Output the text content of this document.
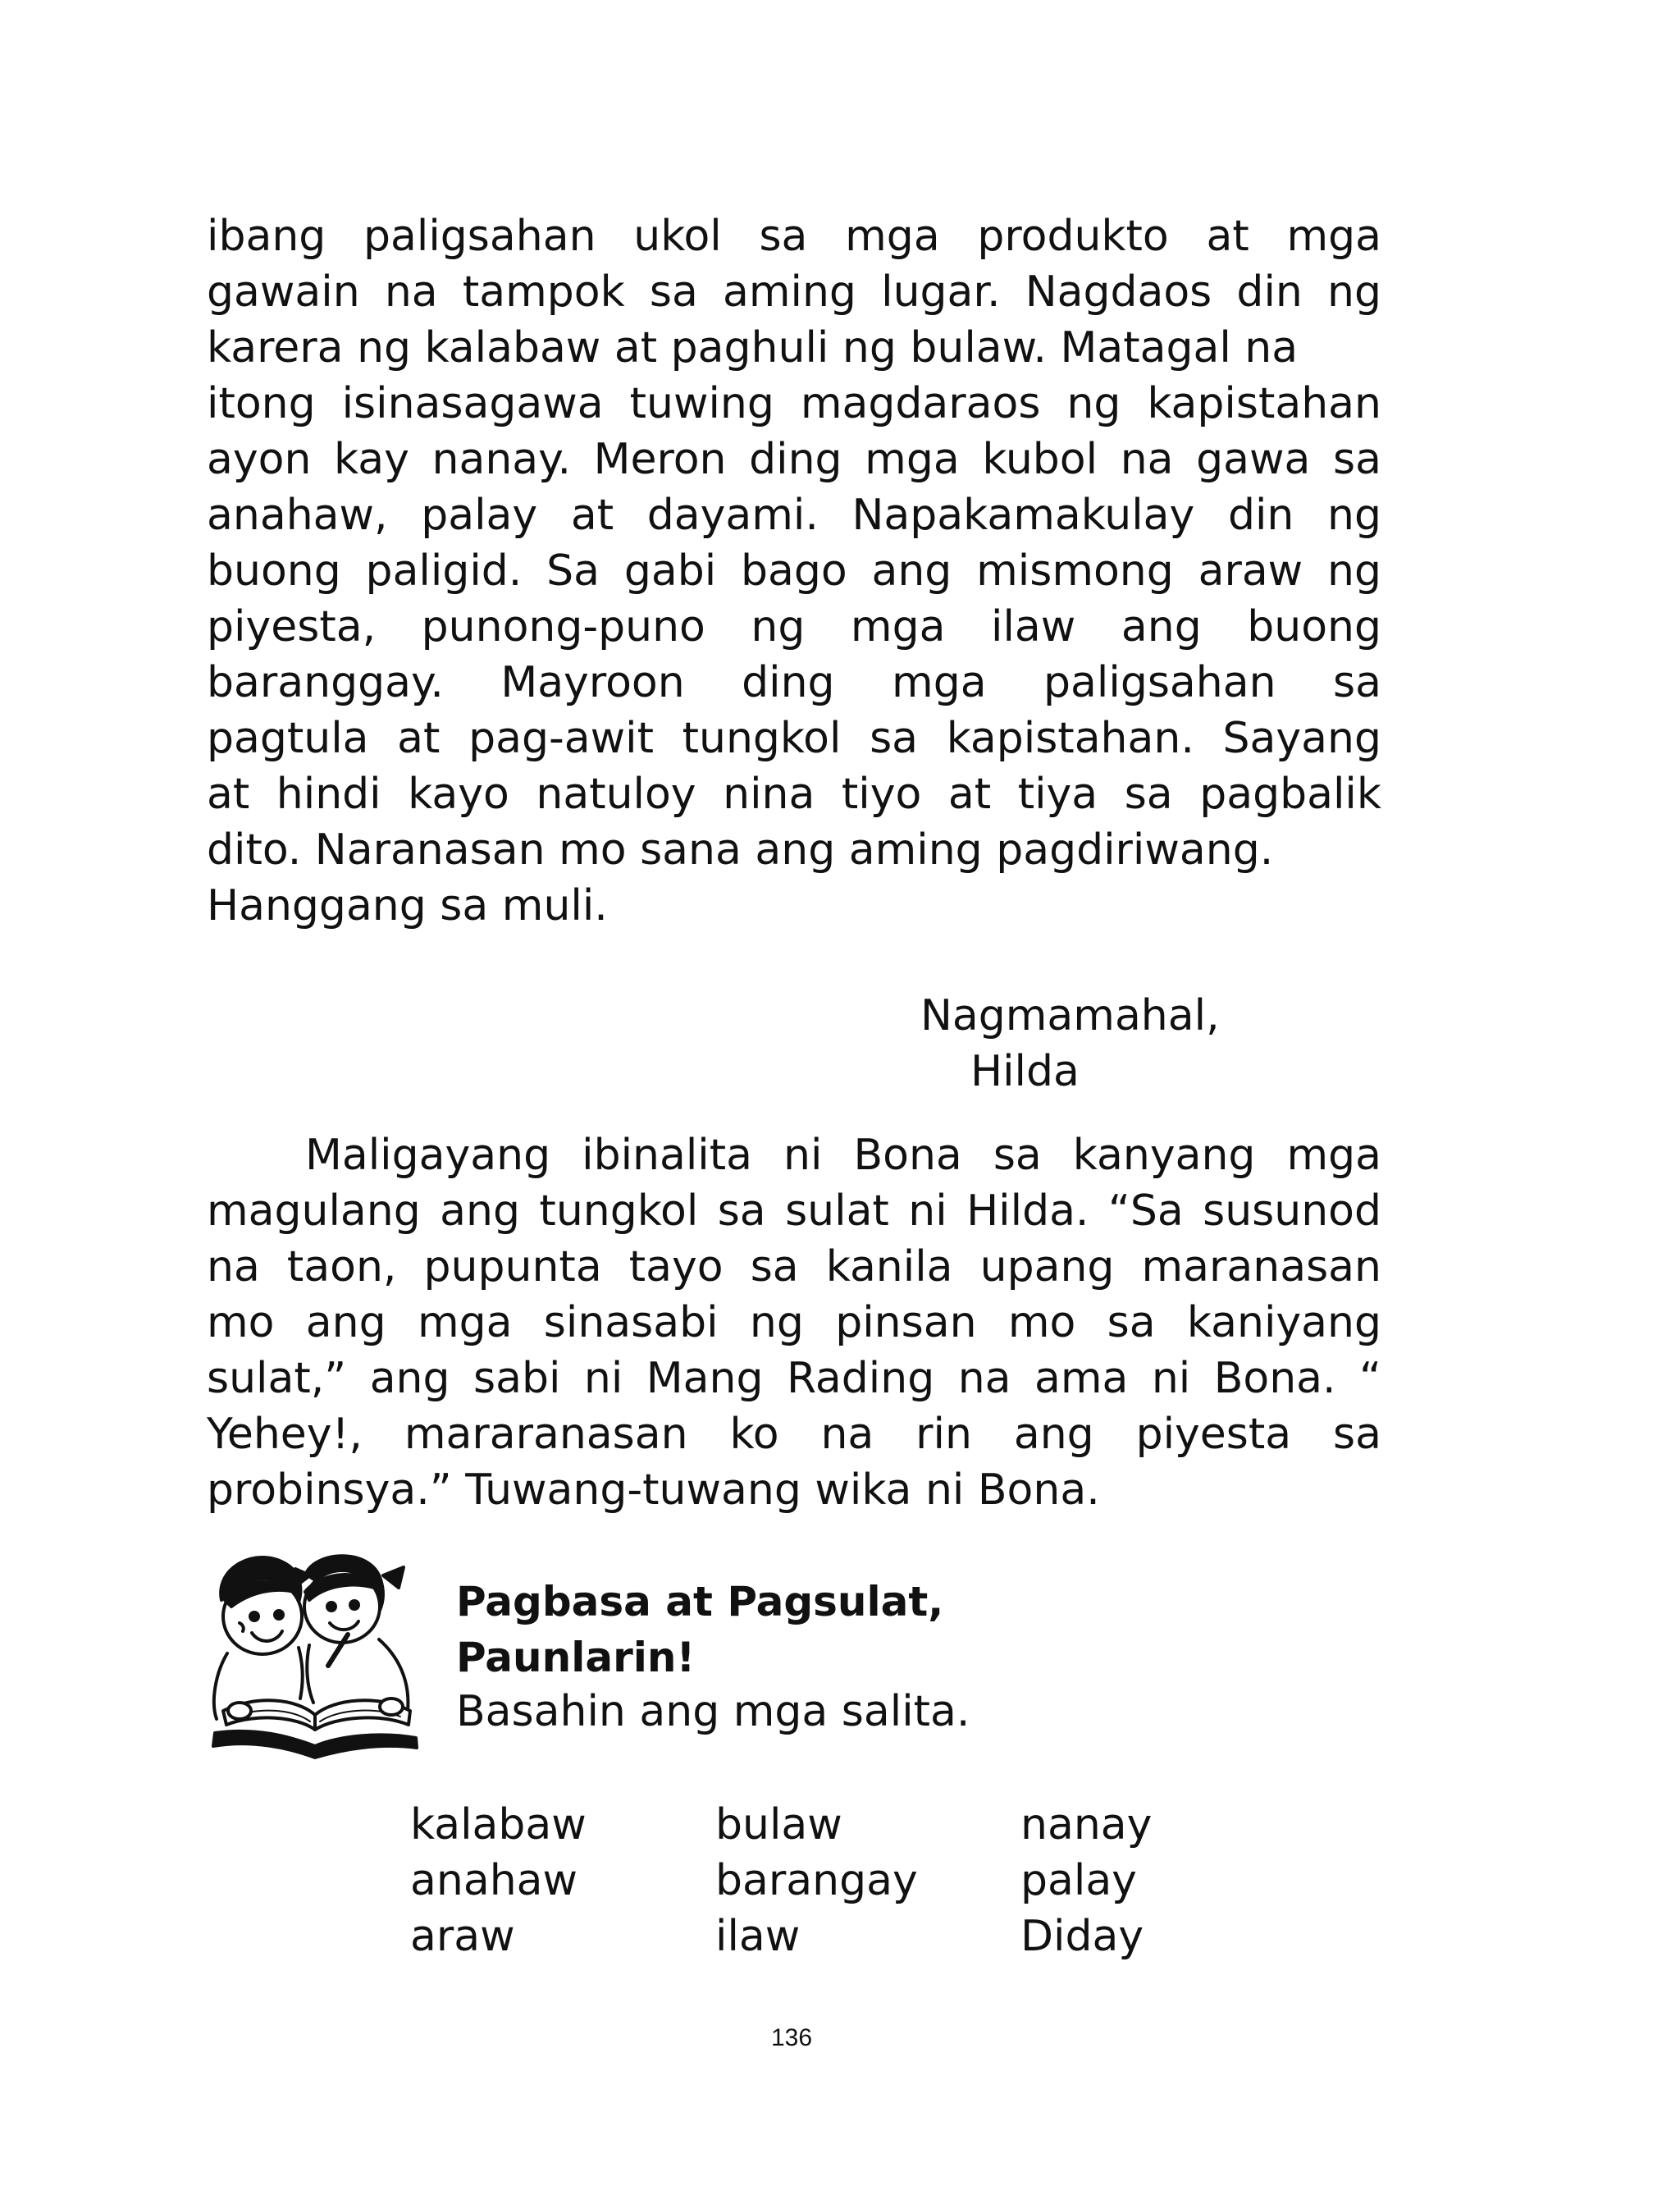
ibang paligsahan ukol sa mga produkto at mga
gawain na tampok sa aming lugar. Nagdaos din ng
karera ng kalabaw at paghuli ng bulaw. Matagal na
itong isinasagawa tuwing magdaraos ng kapistahan
ayon kay nanay. Meron ding mga kubol na gawa sa
anahaw, palay at dayami. Napakamakulay din ng
buong paligid. Sa gabi bago ang mismong araw ng
piyesta, punong-puno ng mga ilaw ang buong
baranggay. Mayroon ding mga paligsahan sa
pagtula at pag-awit tungkol sa kapistahan. Sayang
at hindi kayo natuloy nina tiyo at tiya sa pagbalik
dito. Naranasan mo sana ang aming pagdiriwang.
Hanggang sa muli.
Nagmamahal,
Hilda
Maligayang ibinalita ni Bona sa kanyang mga
magulang ang tungkol sa sulat ni Hilda. “Sa susunod
na taon, pupunta tayo sa kanila upang maranasan
mo ang mga sinasabi ng pinsan mo sa kaniyang
sulat,” ang sabi ni Mang Rading na ama ni Bona. “
Yehey!, mararanasan ko na rin ang piyesta sa
probinsya.” Tuwang-tuwang wika ni Bona.
Pagbasa at Pagsulat,
Paunlarin!
Basahin ang mga salita.
kalabaw	bulaw	nanay
anahaw	barangay	palay
araw	ilaw	Diday
136
